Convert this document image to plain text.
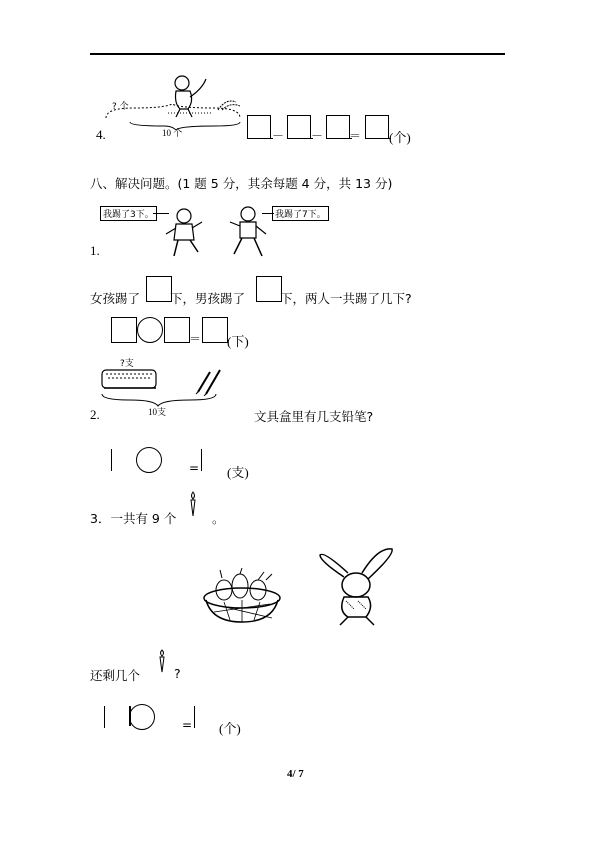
? 个
4.	10 个	－ － ＝ (个)
八、解决问题。(1 题 5 分，其余每题 4 分，共 13 分)
我踢了3下。	我踢了7下。
1.
女孩踢了 下，男孩踢了	下，两人一共踢了几下?
＝ (下)
?支
2.	10支	文具盒里有几支铅笔?
= (支)
3．一共有 9 个	。
还剩几个	?
= (个)
4/ 7
